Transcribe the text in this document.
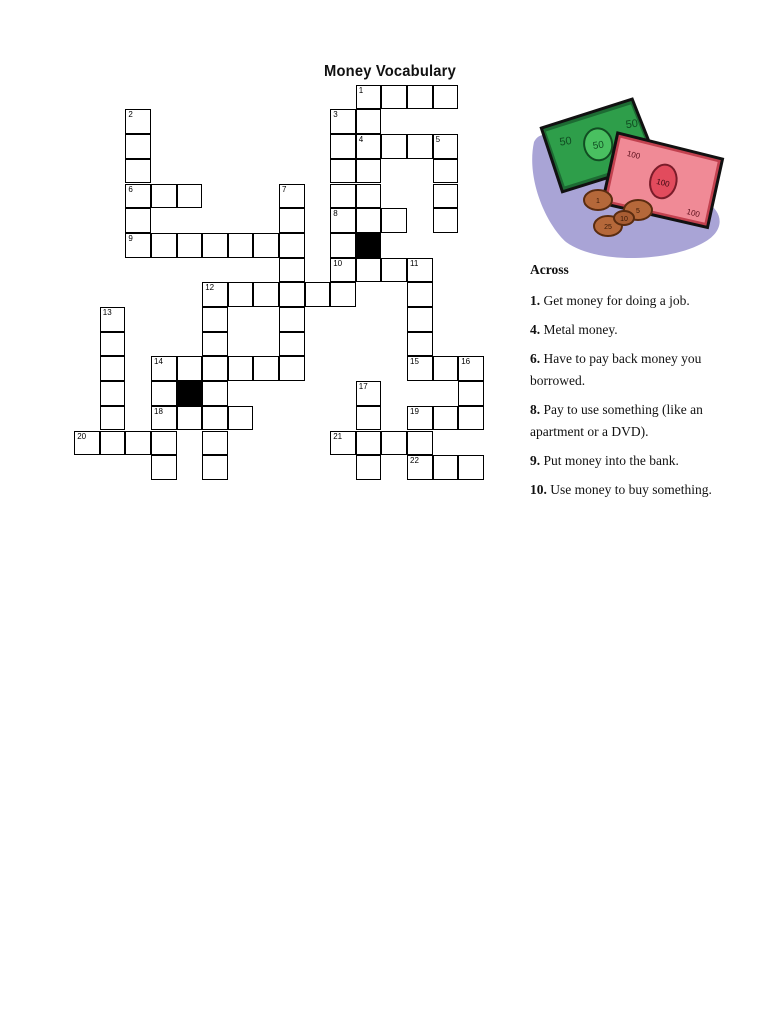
Money Vocabulary
1
2	3
4	5
6	7
8
9
10	11
12
13
14	15	16
17
18	19
20	21
22
50
50
50
100
100
100
1
5
25
10
Across
1. Get money for doing a job.
4. Metal money.
6. Have to pay back money you borrowed.
8. Pay to use something (like an apartment or a DVD).
9. Put money into the bank.
10. Use money to buy something.
